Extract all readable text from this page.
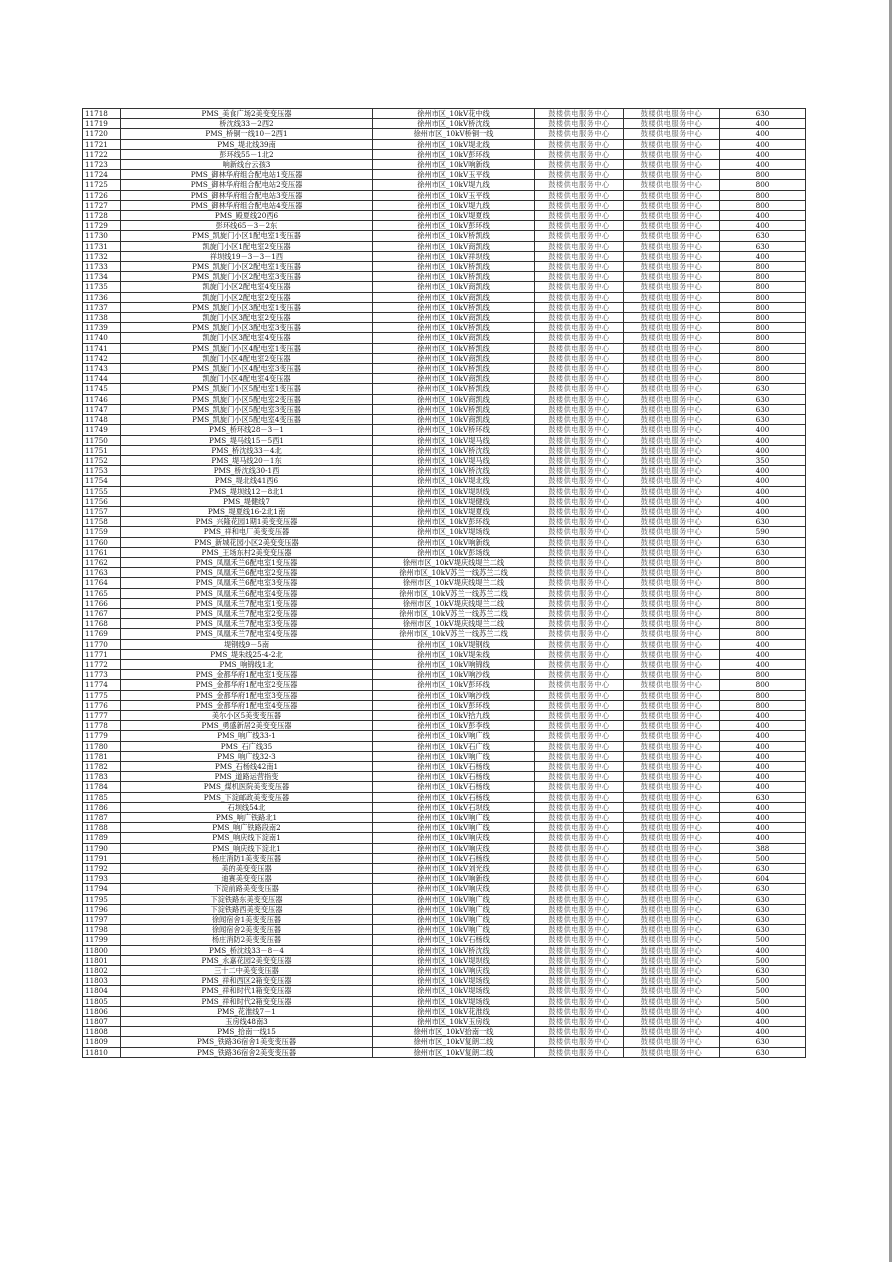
11718	PMS_美食广场2美变变压器	徐州市区_10kV花中线	鼓楼供电服务中心	鼓楼供电服务中心	630
11719	桥沈线33－2西2	徐州市区_10kV桥沈线	鼓楼供电服务中心	鼓楼供电服务中心	400
11720	PMS_桥铜一线10－2西1	徐州市区_10kV桥铜一线	鼓楼供电服务中心	鼓楼供电服务中心	400
11721	PMS_堤北线39南	徐州市区_10kV堤北线	鼓楼供电服务中心	鼓楼供电服务中心	400
11722	彭环线55－1北2	徐州市区_10kV彭环线	鼓楼供电服务中心	鼓楼供电服务中心	400
11723	响新线台云孩3	徐州市区_10kV响新线	鼓楼供电服务中心	鼓楼供电服务中心	400
11724	PMS_御林华府组合配电站1变压器	徐州市区_10kV玉平线	鼓楼供电服务中心	鼓楼供电服务中心	800
11725	PMS_御林华府组合配电站2变压器	徐州市区_10kV堤九线	鼓楼供电服务中心	鼓楼供电服务中心	800
11726	PMS_御林华府组合配电站3变压器	徐州市区_10kV玉平线	鼓楼供电服务中心	鼓楼供电服务中心	800
11727	PMS_御林华府组合配电站4变压器	徐州市区_10kV堤九线	鼓楼供电服务中心	鼓楼供电服务中心	800
11728	PMS_殿夏线20西6	徐州市区_10kV堤夏线	鼓楼供电服务中心	鼓楼供电服务中心	400
11729	彭环线65－3－2东	徐州市区_10kV彭环线	鼓楼供电服务中心	鼓楼供电服务中心	400
11730	PMS_凯旋门小区1配电室1变压器	徐州市区_10kV桥凯线	鼓楼供电服务中心	鼓楼供电服务中心	630
11731	凯旋门小区1配电室2变压器	徐州市区_10kV商凯线	鼓楼供电服务中心	鼓楼供电服务中心	630
11732	祥坝线19－3－3－1西	徐州市区_10kV祥坝线	鼓楼供电服务中心	鼓楼供电服务中心	400
11733	PMS_凯旋门小区2配电室1变压器	徐州市区_10kV桥凯线	鼓楼供电服务中心	鼓楼供电服务中心	800
11734	PMS_凯旋门小区2配电室3变压器	徐州市区_10kV桥凯线	鼓楼供电服务中心	鼓楼供电服务中心	800
11735	凯旋门小区2配电室4变压器	徐州市区_10kV商凯线	鼓楼供电服务中心	鼓楼供电服务中心	800
11736	凯旋门小区2配电室2变压器	徐州市区_10kV商凯线	鼓楼供电服务中心	鼓楼供电服务中心	800
11737	PMS_凯旋门小区3配电室1变压器	徐州市区_10kV桥凯线	鼓楼供电服务中心	鼓楼供电服务中心	800
11738	凯旋门小区3配电室2变压器	徐州市区_10kV商凯线	鼓楼供电服务中心	鼓楼供电服务中心	800
11739	PMS_凯旋门小区3配电室3变压器	徐州市区_10kV桥凯线	鼓楼供电服务中心	鼓楼供电服务中心	800
11740	凯旋门小区3配电室4变压器	徐州市区_10kV商凯线	鼓楼供电服务中心	鼓楼供电服务中心	800
11741	PMS_凯旋门小区4配电室1变压器	徐州市区_10kV桥凯线	鼓楼供电服务中心	鼓楼供电服务中心	800
11742	凯旋门小区4配电室2变压器	徐州市区_10kV商凯线	鼓楼供电服务中心	鼓楼供电服务中心	800
11743	PMS_凯旋门小区4配电室3变压器	徐州市区_10kV桥凯线	鼓楼供电服务中心	鼓楼供电服务中心	800
11744	凯旋门小区4配电室4变压器	徐州市区_10kV商凯线	鼓楼供电服务中心	鼓楼供电服务中心	800
11745	PMS_凯旋门小区5配电室1变压器	徐州市区_10kV桥凯线	鼓楼供电服务中心	鼓楼供电服务中心	630
11746	PMS_凯旋门小区5配电室2变压器	徐州市区_10kV商凯线	鼓楼供电服务中心	鼓楼供电服务中心	630
11747	PMS_凯旋门小区5配电室3变压器	徐州市区_10kV桥凯线	鼓楼供电服务中心	鼓楼供电服务中心	630
11748	PMS_凯旋门小区5配电室4变压器	徐州市区_10kV商凯线	鼓楼供电服务中心	鼓楼供电服务中心	630
11749	PMS_桥环线28－3－1	徐州市区_10kV桥环线	鼓楼供电服务中心	鼓楼供电服务中心	400
11750	PMS_堤马线15－5西1	徐州市区_10kV堤马线	鼓楼供电服务中心	鼓楼供电服务中心	400
11751	PMS_桥沈线33－4北	徐州市区_10kV桥沈线	鼓楼供电服务中心	鼓楼供电服务中心	400
11752	PMS_堤马线20－1东	徐州市区_10kV堤马线	鼓楼供电服务中心	鼓楼供电服务中心	350
11753	PMS_桥沈线30-1西	徐州市区_10kV桥沈线	鼓楼供电服务中心	鼓楼供电服务中心	400
11754	PMS_堤北线41西6	徐州市区_10kV堤北线	鼓楼供电服务中心	鼓楼供电服务中心	400
11755	PMS_堤坝线12－8北1	徐州市区_10kV堤坝线	鼓楼供电服务中心	鼓楼供电服务中心	400
11756	PMS_堤健线7	徐州市区_10kV堤健线	鼓楼供电服务中心	鼓楼供电服务中心	400
11757	PMS_堤夏线16-2北1南	徐州市区_10kV堤夏线	鼓楼供电服务中心	鼓楼供电服务中心	400
11758	PMS_兴隆花园1期1美变变压器	徐州市区_10kV彭环线	鼓楼供电服务中心	鼓楼供电服务中心	630
11759	PMS_祥和电厂美变变压器	徐州市区_10kV堤场线	鼓楼供电服务中心	鼓楼供电服务中心	590
11760	PMS_新城花园小区2美变变压器	徐州市区_10kV响新线	鼓楼供电服务中心	鼓楼供电服务中心	630
11761	PMS_王场东村2美变变压器	徐州市区_10kV彭场线	鼓楼供电服务中心	鼓楼供电服务中心	630
11762	PMS_凤凰禾兰6配电室1变压器	徐州市区_10kV堤庆线堤兰二线	鼓楼供电服务中心	鼓楼供电服务中心	800
11763	PMS_凤凰禾兰6配电室2变压器	徐州市区_10kV苏兰一线苏兰二线	鼓楼供电服务中心	鼓楼供电服务中心	800
11764	PMS_凤凰禾兰6配电室3变压器	徐州市区_10kV堤庆线堤兰二线	鼓楼供电服务中心	鼓楼供电服务中心	800
11765	PMS_凤凰禾兰6配电室4变压器	徐州市区_10kV苏兰一线苏兰二线	鼓楼供电服务中心	鼓楼供电服务中心	800
11766	PMS_凤凰禾兰7配电室1变压器	徐州市区_10kV堤庆线堤兰二线	鼓楼供电服务中心	鼓楼供电服务中心	800
11767	PMS_凤凰禾兰7配电室2变压器	徐州市区_10kV苏兰一线苏兰二线	鼓楼供电服务中心	鼓楼供电服务中心	800
11768	PMS_凤凰禾兰7配电室3变压器	徐州市区_10kV堤庆线堤兰二线	鼓楼供电服务中心	鼓楼供电服务中心	800
11769	PMS_凤凰禾兰7配电室4变压器	徐州市区_10kV苏兰一线苏兰二线	鼓楼供电服务中心	鼓楼供电服务中心	800
11770	堤钢线9－5南	徐州市区_10kV堤钢线	鼓楼供电服务中心	鼓楼供电服务中心	400
11771	PMS_堤朱线25-4-2北	徐州市区_10kV堤朱线	鼓楼供电服务中心	鼓楼供电服务中心	400
11772	PMS_响锦线1北	徐州市区_10kV响锦线	鼓楼供电服务中心	鼓楼供电服务中心	400
11773	PMS_金都华府1配电室1变压器	徐州市区_10kV响沙线	鼓楼供电服务中心	鼓楼供电服务中心	800
11774	PMS_金都华府1配电室2变压器	徐州市区_10kV彭环线	鼓楼供电服务中心	鼓楼供电服务中心	800
11775	PMS_金都华府1配电室3变压器	徐州市区_10kV响沙线	鼓楼供电服务中心	鼓楼供电服务中心	800
11776	PMS_金都华府1配电室4变压器	徐州市区_10kV彭环线	鼓楼供电服务中心	鼓楼供电服务中心	800
11777	美尔小区5美变变压器	徐州市区_10kV拾九线	鼓楼供电服务中心	鼓楼供电服务中心	400
11778	PMS_勇盛新居2美变变压器	徐州市区_10kV彭李线	鼓楼供电服务中心	鼓楼供电服务中心	400
11779	PMS_响广线33-1	徐州市区_10kV响广线	鼓楼供电服务中心	鼓楼供电服务中心	400
11780	PMS_石广线35	徐州市区_10kV石广线	鼓楼供电服务中心	鼓楼供电服务中心	400
11781	PMS_响广线32-3	徐州市区_10kV响广线	鼓楼供电服务中心	鼓楼供电服务中心	400
11782	PMS_石杨线42南1	徐州市区_10kV石杨线	鼓楼供电服务中心	鼓楼供电服务中心	400
11783	PMS_道路运营指变	徐州市区_10kV石杨线	鼓楼供电服务中心	鼓楼供电服务中心	400
11784	PMS_煤机医院美变变压器	徐州市区_10kV石杨线	鼓楼供电服务中心	鼓楼供电服务中心	400
11785	PMS_下淀邮政美变变压器	徐州市区_10kV石杨线	鼓楼供电服务中心	鼓楼供电服务中心	630
11786	石坝线54北	徐州市区_10kV石坝线	鼓楼供电服务中心	鼓楼供电服务中心	400
11787	PMS_响广铁路北1	徐州市区_10kV响广线	鼓楼供电服务中心	鼓楼供电服务中心	400
11788	PMS_响广铁路段南2	徐州市区_10kV响广线	鼓楼供电服务中心	鼓楼供电服务中心	400
11789	PMS_响庆线下淀南1	徐州市区_10kV响庆线	鼓楼供电服务中心	鼓楼供电服务中心	400
11790	PMS_响庆线下淀北1	徐州市区_10kV响庆线	鼓楼供电服务中心	鼓楼供电服务中心	388
11791	杨庄消防1美变变压器	徐州市区_10kV石杨线	鼓楼供电服务中心	鼓楼供电服务中心	500
11792	美的美变变压器	徐州市区_10kV刘光线	鼓楼供电服务中心	鼓楼供电服务中心	630
11793	迪赛美变变压器	徐州市区_10kV响新线	鼓楼供电服务中心	鼓楼供电服务中心	604
11794	下淀前路美变变压器	徐州市区_10kV响庆线	鼓楼供电服务中心	鼓楼供电服务中心	630
11795	下淀铁路东美变变压器	徐州市区_10kV响广线	鼓楼供电服务中心	鼓楼供电服务中心	630
11796	下淀铁路西美变变压器	徐州市区_10kV响广线	鼓楼供电服务中心	鼓楼供电服务中心	630
11797	徐闻宿舍1美变变压器	徐州市区_10kV响广线	鼓楼供电服务中心	鼓楼供电服务中心	630
11798	徐闻宿舍2美变变压器	徐州市区_10kV响广线	鼓楼供电服务中心	鼓楼供电服务中心	630
11799	杨庄消防2美变变压器	徐州市区_10kV石杨线	鼓楼供电服务中心	鼓楼供电服务中心	500
11800	PMS_桥沈线33－8－4	徐州市区_10kV桥沈线	鼓楼供电服务中心	鼓楼供电服务中心	400
11801	PMS_永嘉花园2美变变压器	徐州市区_10kV堤坝线	鼓楼供电服务中心	鼓楼供电服务中心	500
11802	三十二中美变变压器	徐州市区_10kV响庆线	鼓楼供电服务中心	鼓楼供电服务中心	630
11803	PMS_祥和西区2箱变变压器	徐州市区_10kV堤场线	鼓楼供电服务中心	鼓楼供电服务中心	500
11804	PMS_祥和时代1箱变变压器	徐州市区_10kV堤场线	鼓楼供电服务中心	鼓楼供电服务中心	500
11805	PMS_祥和时代2箱变变压器	徐州市区_10kV堤场线	鼓楼供电服务中心	鼓楼供电服务中心	500
11806	PMS_花淮线7－1	徐州市区_10kV花淮线	鼓楼供电服务中心	鼓楼供电服务中心	400
11807	玉房线48南3	徐州市区_10kV玉房线	鼓楼供电服务中心	鼓楼供电服务中心	400
11808	PMS_拾南一线15	徐州市区_10kV拾南一线	鼓楼供电服务中心	鼓楼供电服务中心	400
11809	PMS_铁路36宿舍1美变变压器	徐州市区_10kV复朗二线	鼓楼供电服务中心	鼓楼供电服务中心	630
11810	PMS_铁路36宿舍2美变变压器	徐州市区_10kV复朗二线	鼓楼供电服务中心	鼓楼供电服务中心	630
